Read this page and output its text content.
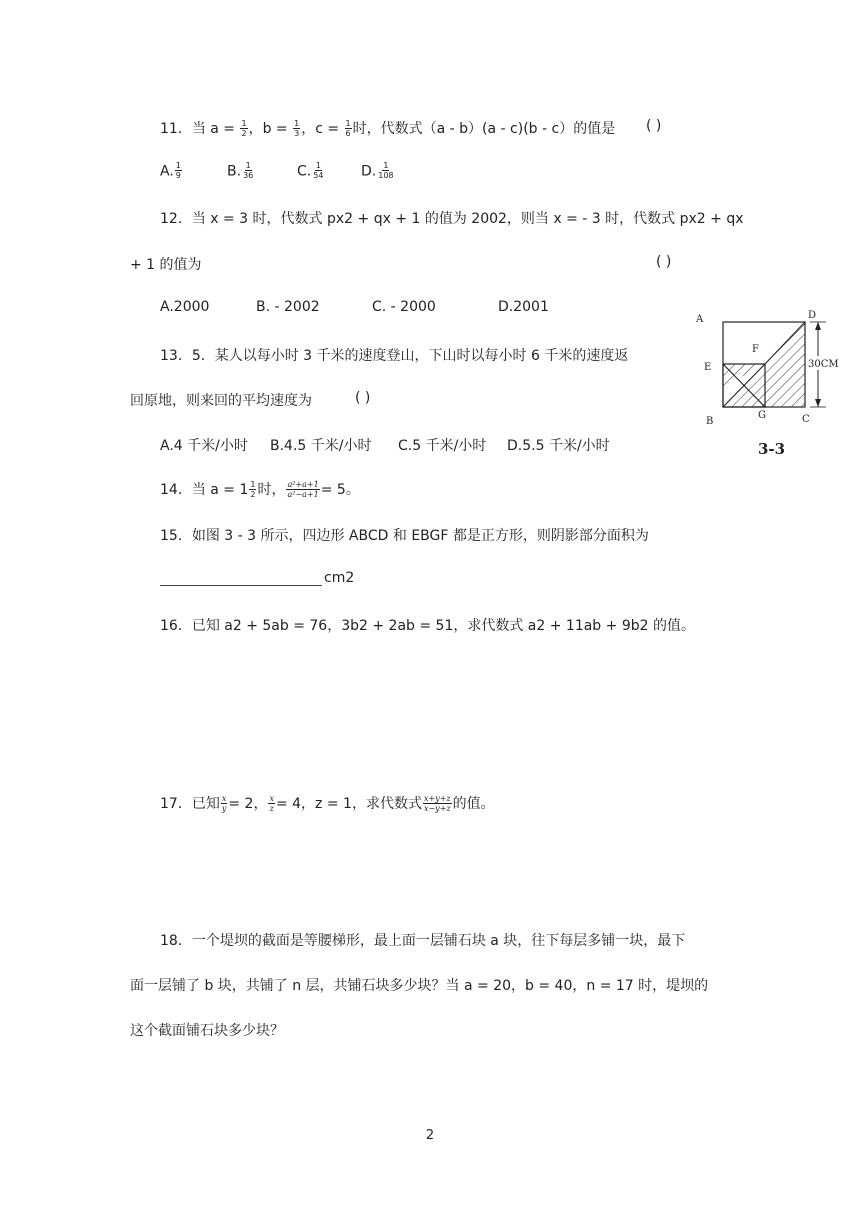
11．当 $a = \frac{1}{2}$ ，$b = \frac{1}{3}$ ，$c = \frac{1}{6}$ 时，代数式（a - b）(a - c)(b - c）的值是 ( )
A. $\frac{1}{9}$	B. $\frac{1}{36}$	C. $\frac{1}{54}$	D. $\frac{1}{108}$
12．当 x = 3 时，代数式 px2 + qx + 1 的值为 2002，则当 x = - 3 时，代数式 px2 + qx
+ 1 的值为	( )
A.2000	B. - 2002	C. - 2000	D.2001
30CM
A
E
B
G	C
D
F
3-3
13．5．某人以每小时 3 千米的速度登山，下山时以每小时 6 千米的速度返
回原地，则来回的平均速度为	( )
A.4 千米/小时 B.4.5 千米/小时 C.5 千米/小时 D.5.5 千米/小时
14．当 $a = 1 \frac{1}{2}$ 时， $\frac{\text{a²+a+1}}{\text{a²−a+1}} = 5$。
15．如图 3 - 3 所示，四边形 ABCD 和 EBGF 都是正方形，则阴影部分面积为
cm2
16．已知 a2 + 5ab = 76，3b2 + 2ab = 51，求代数式 a2 + 11ab + 9b2 的值。
17．已知 $\frac{x}{y} = 2$， $\frac{x}{z} = 4$，z = 1，求代数式 $\frac{x+y+z}{x-y+z}$ 的值。
18．一个堤坝的截面是等腰梯形，最上面一层铺石块 a 块，往下每层多铺一块，最下
面一层铺了 b 块，共铺了 n 层，共铺石块多少块？当 a = 20，b = 40，n = 17 时，堤坝的
这个截面铺石块多少块？
2
